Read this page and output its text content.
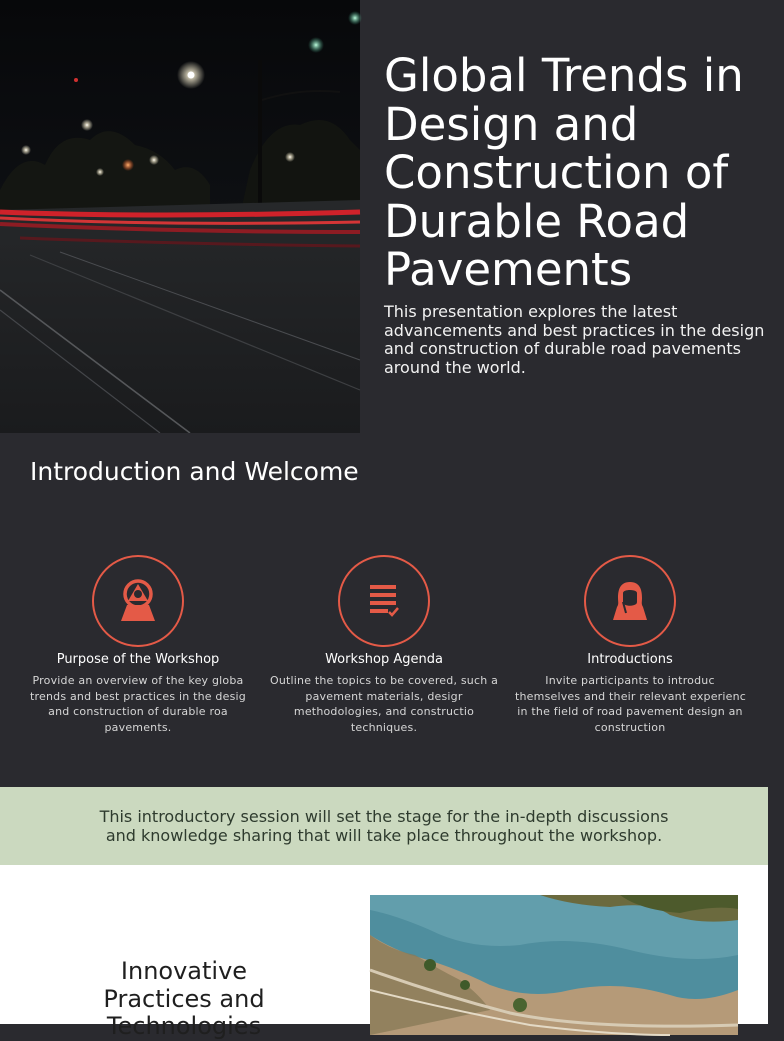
Global Trends in Design and Construction of Durable Road Pavements

This presentation explores the latest
advancements and best practices in the design
and construction of durable road pavements
around the world.

Introduction and Welcome
Purpose of the Workshop
Provide an overview of the key globa
trends and best practices in the desig
and construction of durable roa
pavements.
Workshop Agenda
Outline the topics to be covered, such a
pavement materials, desigr
methodologies, and constructio
techniques.
Introductions
Invite participants to introduc
themselves and their relevant experienc
in the field of road pavement design an
construction
This introductory session will set the stage for the in-depth discussions
and knowledge sharing that will take place throughout the workshop.
Innovative
Practices and
Technologies
